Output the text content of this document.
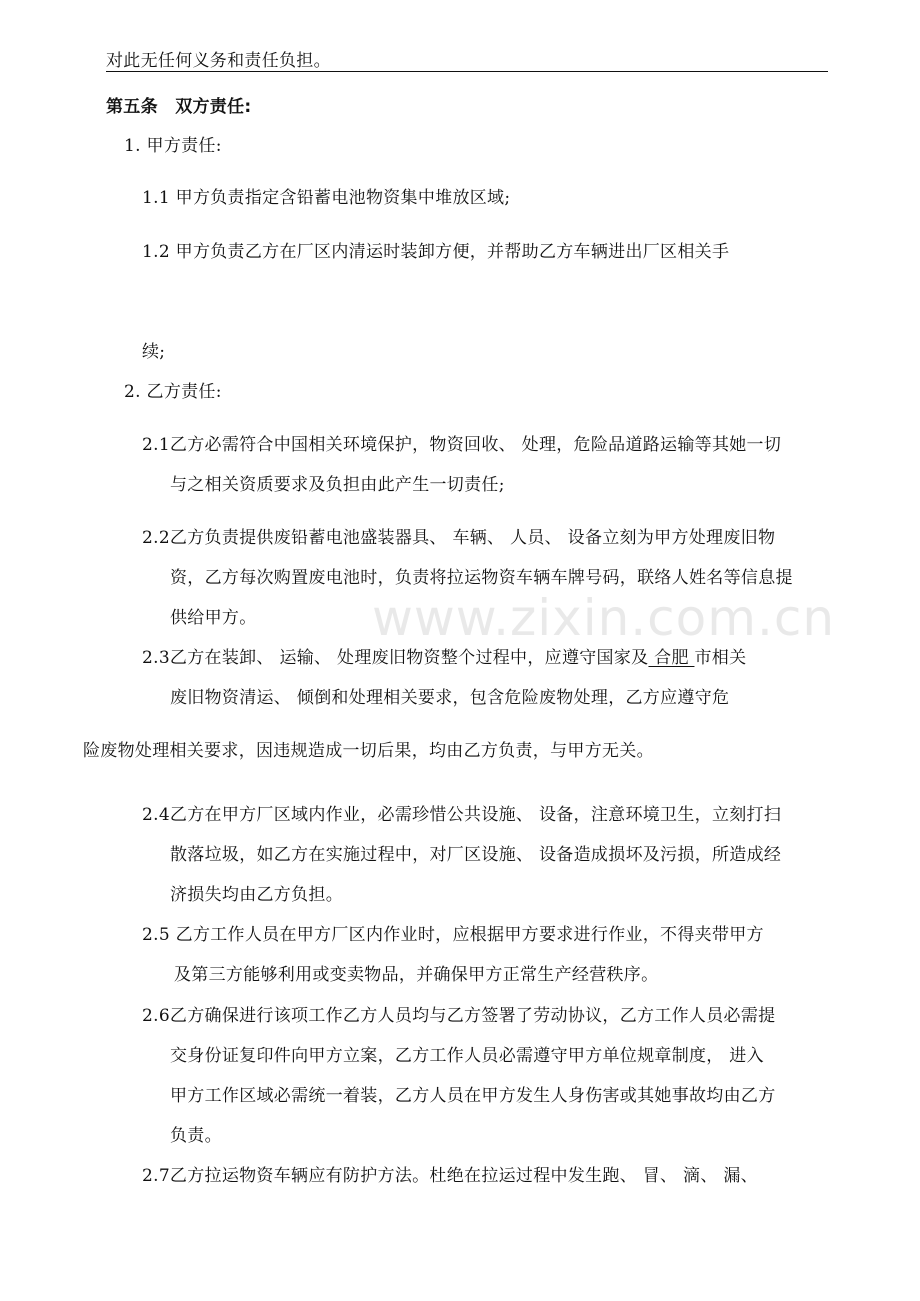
对此无任何义务和责任负担。
第五条　双方责任:
1. 甲方责任:
1.1 甲方负责指定含铅蓄电池物资集中堆放区域;
1.2 甲方负责乙方在厂区内清运时装卸方便，并帮助乙方车辆进出厂区相关手
续;
2. 乙方责任:
2.1乙方必需符合中国相关环境保护，物资回收、 处理，危险品道路运输等其她一切
与之相关资质要求及负担由此产生一切责任;
2.2乙方负责提供废铅蓄电池盛装器具、 车辆、 人员、 设备立刻为甲方处理废旧物
资，乙方每次购置废电池时，负责将拉运物资车辆车牌号码，联络人姓名等信息提
供给甲方。
2.3乙方在装卸、 运输、 处理废旧物资整个过程中，应遵守国家及 合肥 市相关
废旧物资清运、 倾倒和处理相关要求，包含危险废物处理，乙方应遵守危
险废物处理相关要求，因违规造成一切后果，均由乙方负责，与甲方无关。
2.4乙方在甲方厂区域内作业，必需珍惜公共设施、 设备，注意环境卫生，立刻打扫
散落垃圾，如乙方在实施过程中，对厂区设施、 设备造成损坏及污损，所造成经
济损失均由乙方负担。
2.5 乙方工作人员在甲方厂区内作业时，应根据甲方要求进行作业，不得夹带甲方
及第三方能够利用或变卖物品，并确保甲方正常生产经营秩序。
2.6乙方确保进行该项工作乙方人员均与乙方签署了劳动协议，乙方工作人员必需提
交身份证复印件向甲方立案，乙方工作人员必需遵守甲方单位规章制度， 进入
甲方工作区域必需统一着装，乙方人员在甲方发生人身伤害或其她事故均由乙方
负责。
2.7乙方拉运物资车辆应有防护方法。杜绝在拉运过程中发生跑、 冒、 滴、 漏、
www.zixin.com.cn
